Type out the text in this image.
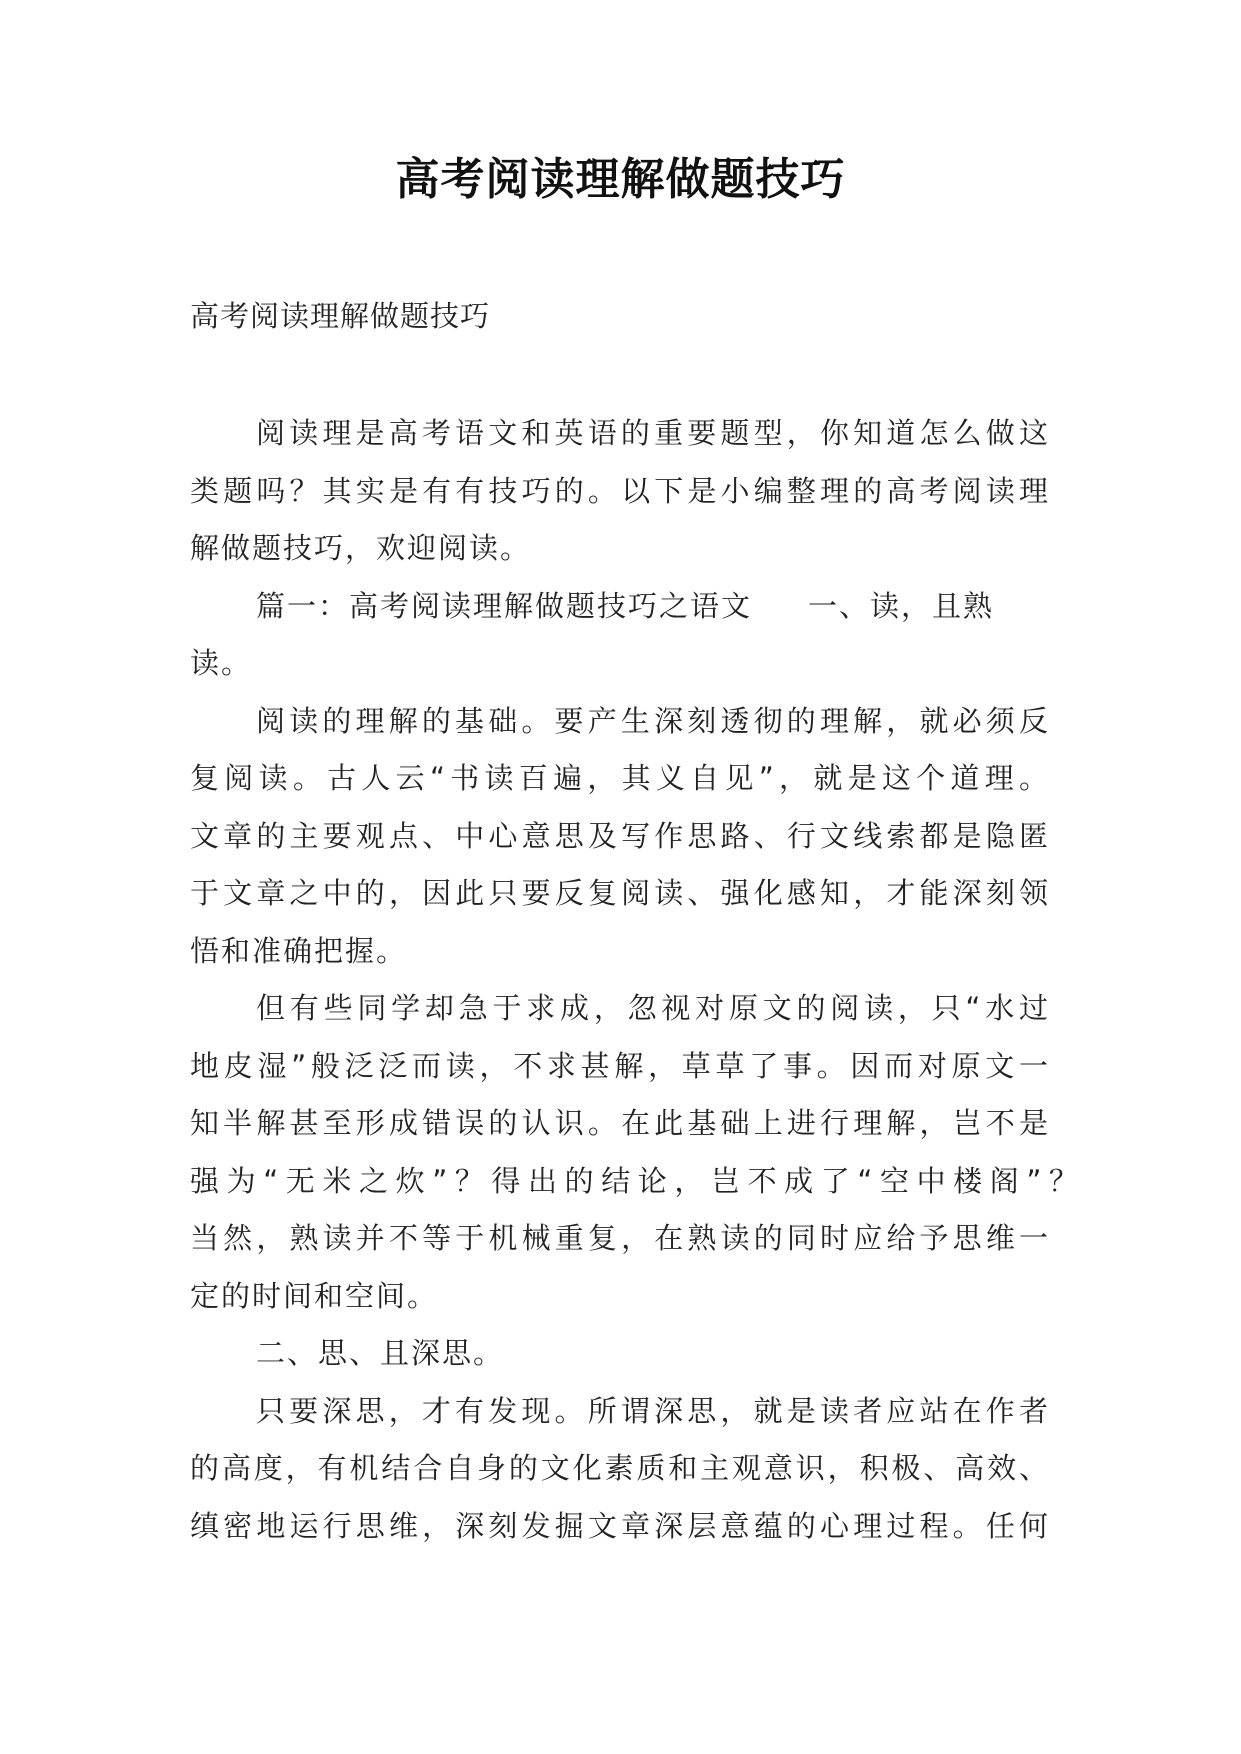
高考阅读理解做题技巧
高考阅读理解做题技巧
阅读理是高考语文和英语的重要题型，你知道怎么做这
类题吗？其实是有有技巧的。以下是小编整理的高考阅读理
解做题技巧，欢迎阅读。
篇一：高考阅读理解做题技巧之语文 一、读，且熟
读。
阅读的理解的基础。要产生深刻透彻的理解，就必须反
复阅读。古人云“书读百遍，其义自见”，就是这个道理。
文章的主要观点、中心意思及写作思路、行文线索都是隐匿
于文章之中的，因此只要反复阅读、强化感知，才能深刻领
悟和准确把握。
但有些同学却急于求成，忽视对原文的阅读，只“水过
地皮湿”般泛泛而读，不求甚解，草草了事。因而对原文一
知半解甚至形成错误的认识。在此基础上进行理解，岂不是
强为“无米之炊”？得出的结论，岂不成了“空中楼阁”？
当然，熟读并不等于机械重复，在熟读的同时应给予思维一
定的时间和空间。
二、思、且深思。
只要深思，才有发现。所谓深思，就是读者应站在作者
的高度，有机结合自身的文化素质和主观意识，积极、高效、
缜密地运行思维，深刻发掘文章深层意蕴的心理过程。任何
